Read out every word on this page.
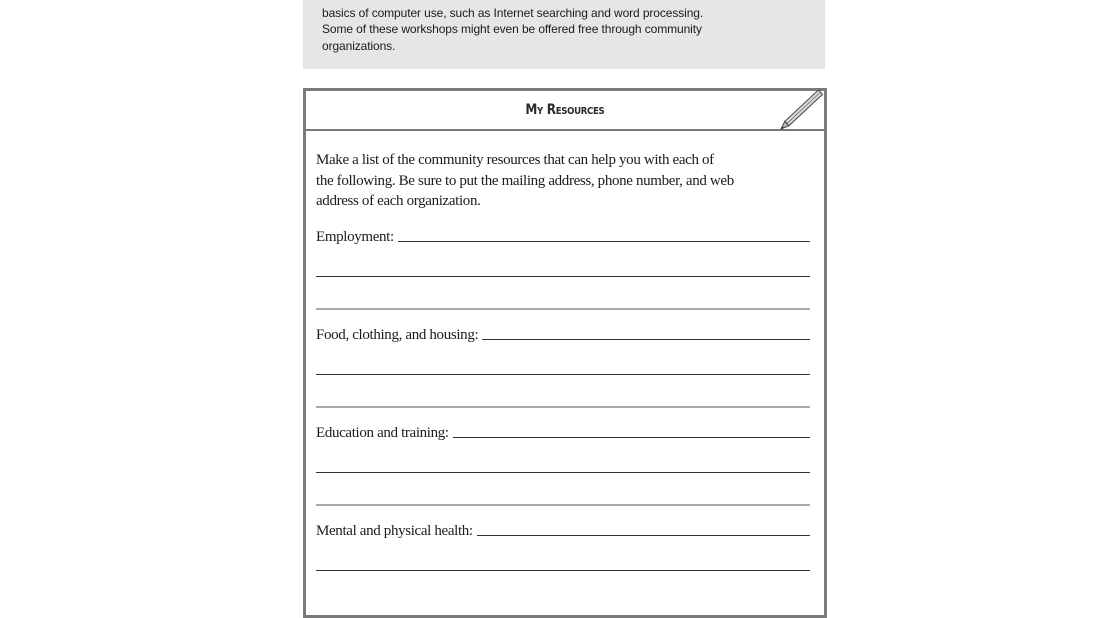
basics of computer use, such as Internet searching and word processing.
Some of these workshops might even be offered free through community
organizations.
My Resources

Make a list of the community resources that can help you with each of
the following. Be sure to put the mailing address, phone number, and web
address of each organization.

Employment:
Food, clothing, and housing:
Education and training:
Mental and physical health:
